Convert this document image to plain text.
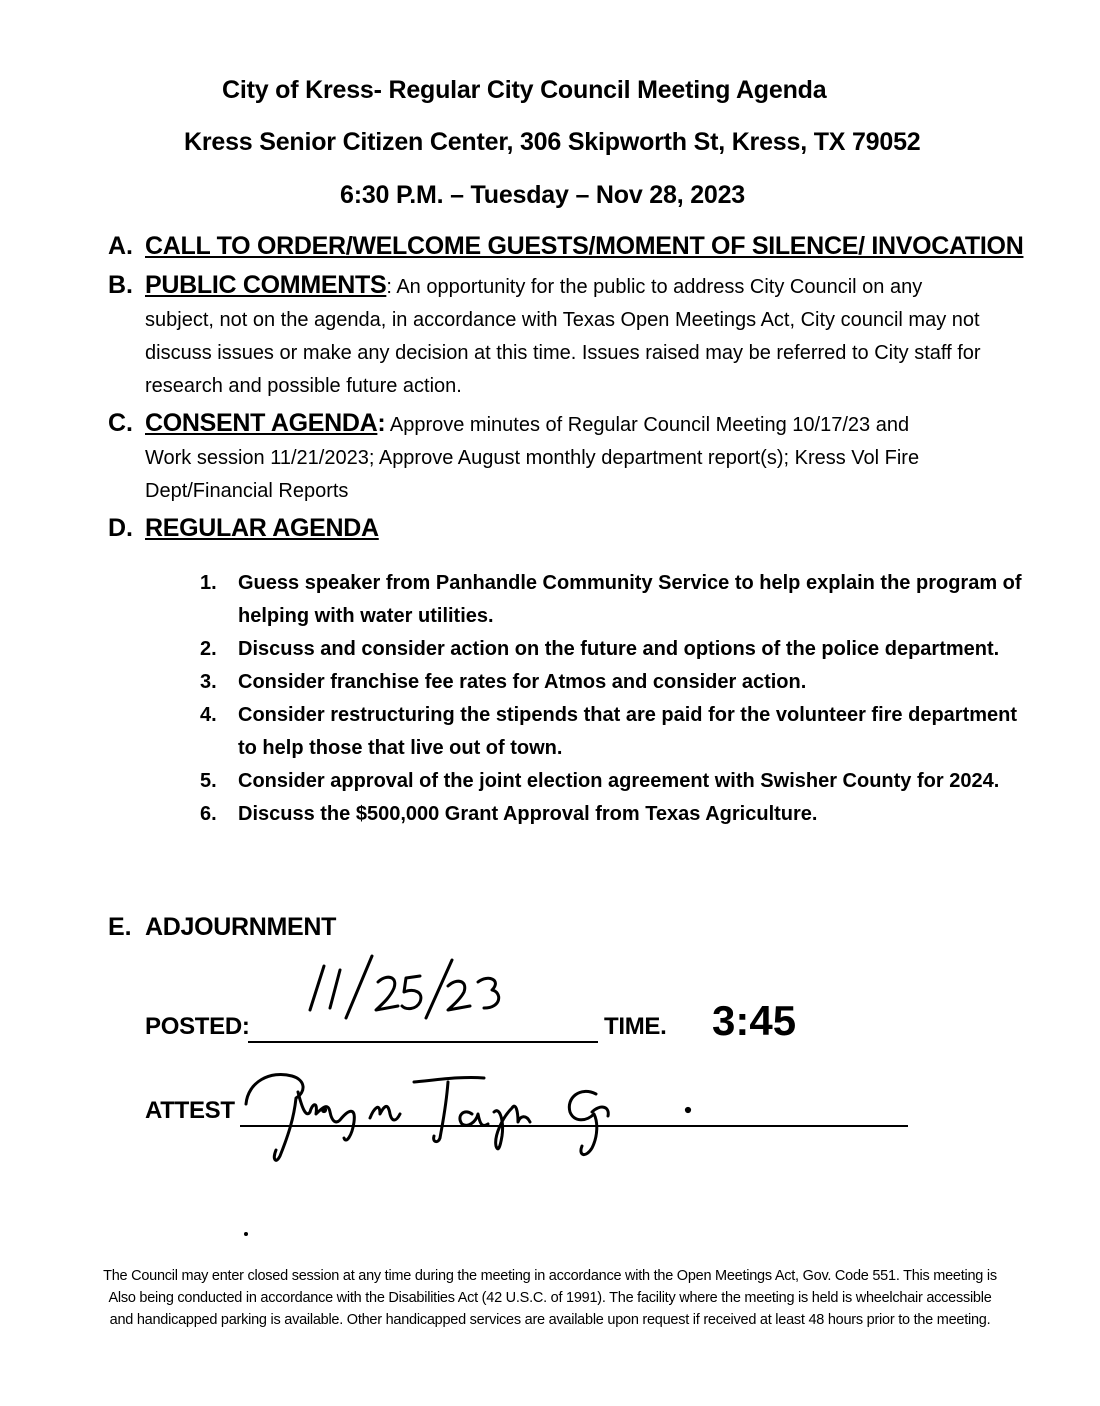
City of Kress- Regular City Council Meeting Agenda
Kress Senior Citizen Center, 306 Skipworth St, Kress, TX 79052
6:30 P.M. – Tuesday – Nov 28, 2023
A. CALL TO ORDER/WELCOME GUESTS/MOMENT OF SILENCE/ INVOCATION
B. PUBLIC COMMENTS: An opportunity for the public to address City Council on any
subject, not on the agenda, in accordance with Texas Open Meetings Act, City council may not discuss issues or make any decision at this time. Issues raised may be referred to City staff for research and possible future action.
C. CONSENT AGENDA: Approve minutes of Regular Council Meeting 10/17/23 and
Work session 11/21/2023; Approve August monthly department report(s); Kress Vol Fire Dept/Financial Reports
D. REGULAR AGENDA
1. Guess speaker from Panhandle Community Service to help explain the program of helping with water utilities.
2. Discuss and consider action on the future and options of the police department.
3. Consider franchise fee rates for Atmos and consider action.
4. Consider restructuring the stipends that are paid for the volunteer fire department to help those that live out of town.
5. Consider approval of the joint election agreement with Swisher County for 2024.
6. Discuss the $500,000 Grant Approval from Texas Agriculture.
E. ADJOURNMENT
POSTED:	TIME. 3:45
ATTEST
The Council may enter closed session at any time during the meeting in accordance with the Open Meetings Act, Gov. Code 551. This meeting is
Also being conducted in accordance with the Disabilities Act (42 U.S.C. of 1991). The facility where the meeting is held is wheelchair accessible
and handicapped parking is available. Other handicapped services are available upon request if received at least 48 hours prior to the meeting.
